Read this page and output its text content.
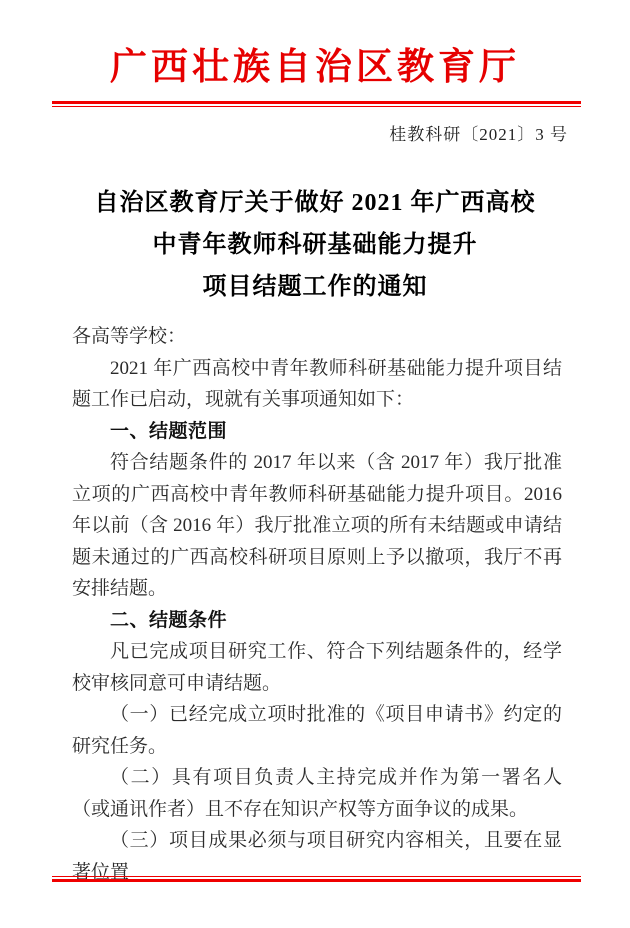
广西壮族自治区教育厅
桂教科研〔2021〕3 号
自治区教育厅关于做好 2021 年广西高校
中青年教师科研基础能力提升
项目结题工作的通知

各高等学校：

2021 年广西高校中青年教师科研基础能力提升项目结题工作已启动，现就有关事项通知如下：

一、结题范围

符合结题条件的 2017 年以来（含 2017 年）我厅批准立项的广西高校中青年教师科研基础能力提升项目。2016 年以前（含 2016 年）我厅批准立项的所有未结题或申请结题未通过的广西高校科研项目原则上予以撤项，我厅不再安排结题。

二、结题条件

凡已完成项目研究工作、符合下列结题条件的，经学校审核同意可申请结题。

（一）已经完成立项时批准的《项目申请书》约定的研究任务。

（二）具有项目负责人主持完成并作为第一署名人（或通讯作者）且不存在知识产权等方面争议的成果。

（三）项目成果必须与项目研究内容相关，且要在显著位置
